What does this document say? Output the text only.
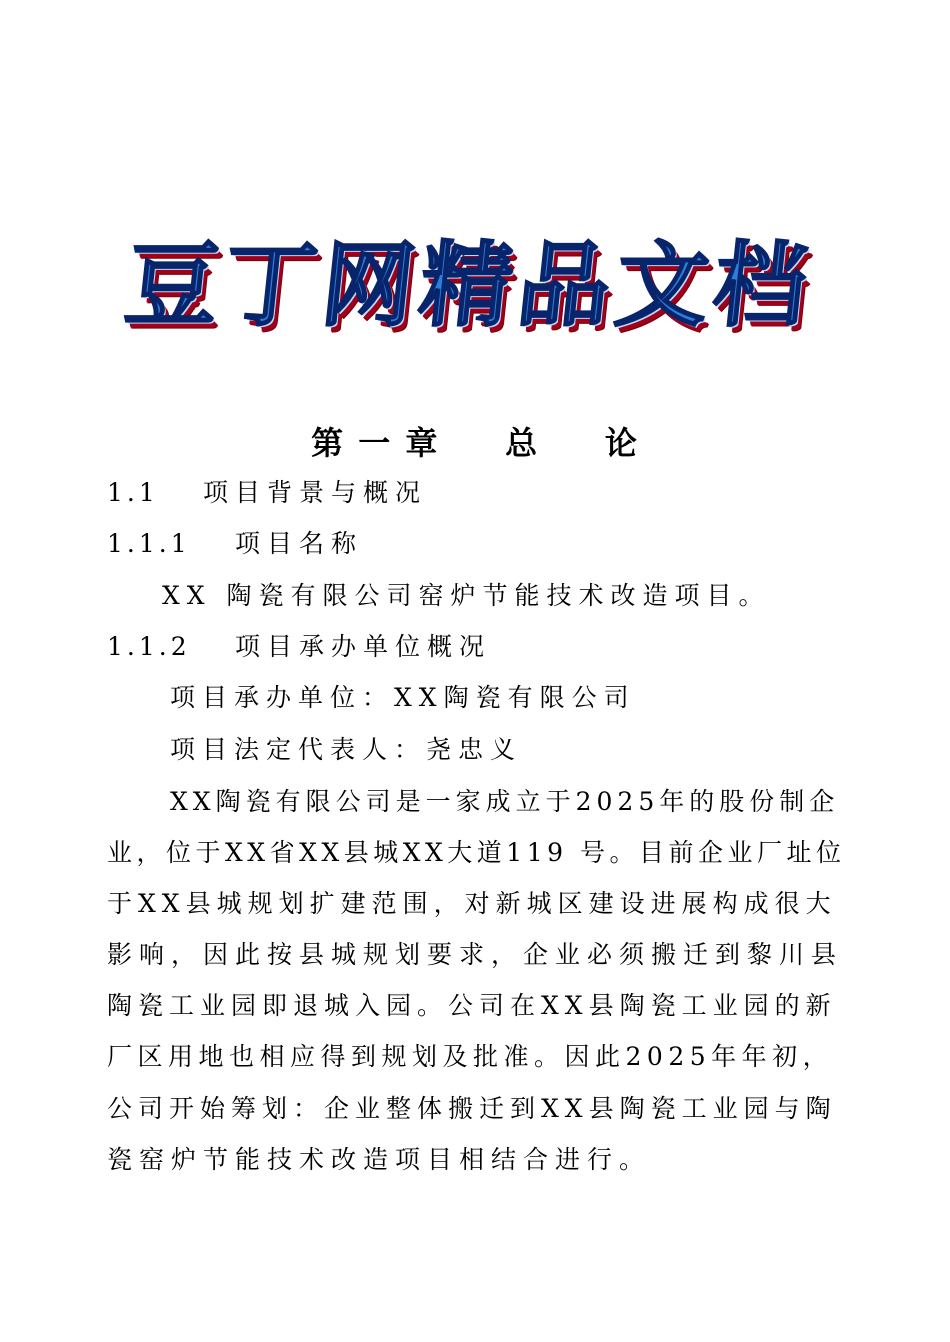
豆丁网精品文档
第 一 章     总     论
1.1 项目背景与概况
1.1.1 项目名称
XX 陶瓷有限公司窑炉节能技术改造项目。
1.1.2 项目承办单位概况
项目承办单位：XX陶瓷有限公司
项目法定代表人：尧忠义
XX陶瓷有限公司是一家成立于2025年的股份制企
业，位于XX省XX县城XX大道119 号。目前企业厂址位
于XX县城规划扩建范围，对新城区建设进展构成很大
影响，因此按县城规划要求，企业必须搬迁到黎川县
陶瓷工业园即退城入园。公司在XX县陶瓷工业园的新
厂区用地也相应得到规划及批准。因此2025年年初，
公司开始筹划：企业整体搬迁到XX县陶瓷工业园与陶
瓷窑炉节能技术改造项目相结合进行。
